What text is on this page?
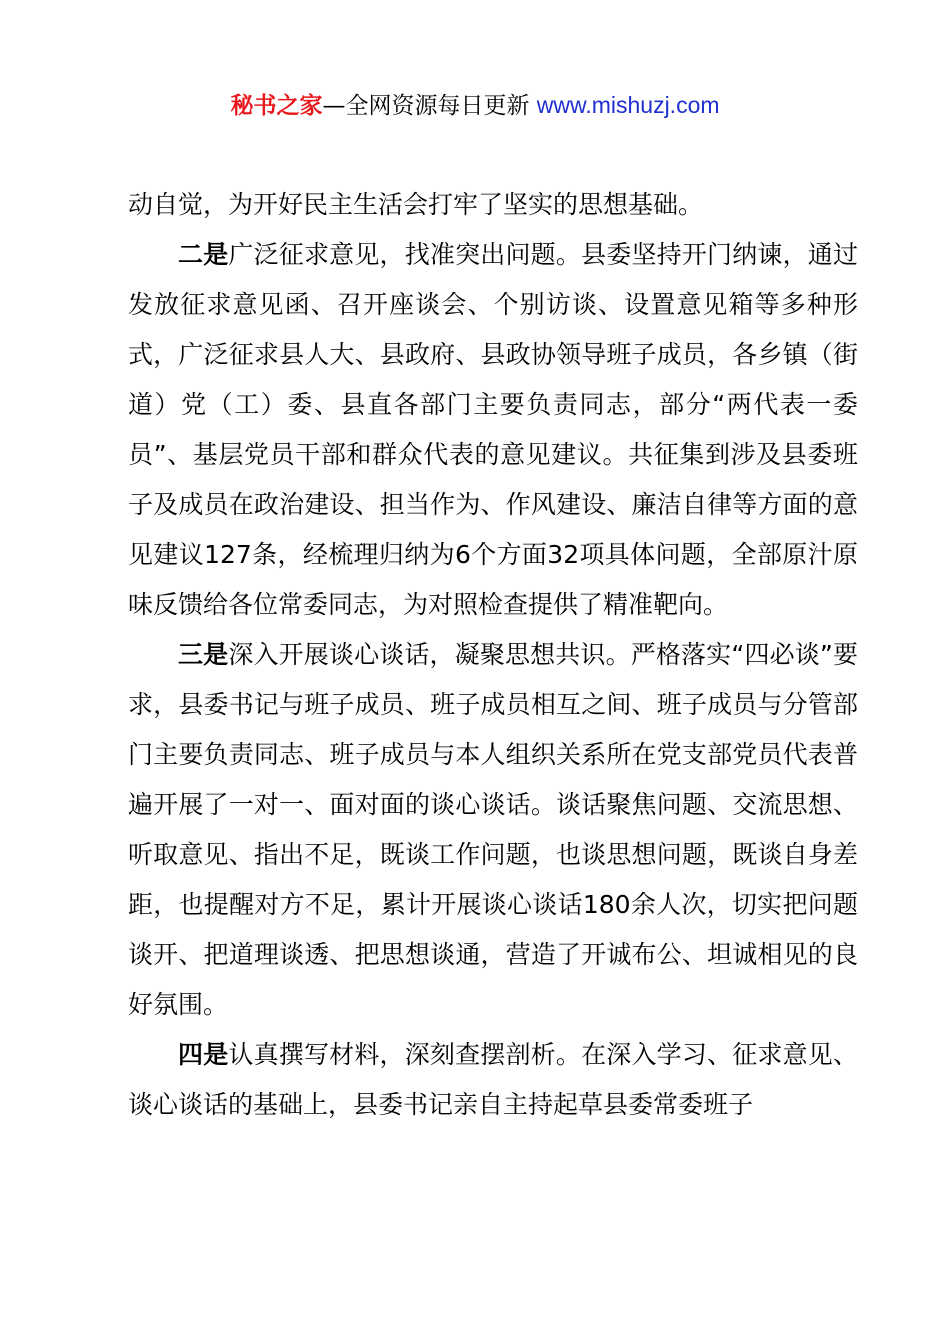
秘书之家—全网资源每日更新 www.mishuzj.com

动自觉，为开好民主生活会打牢了坚实的思想基础。

二是广泛征求意见，找准突出问题。县委坚持开门纳谏，通过发放征求意见函、召开座谈会、个别访谈、设置意见箱等多种形式，广泛征求县人大、县政府、县政协领导班子成员，各乡镇（街道）党（工）委、县直各部门主要负责同志，部分“两代表一委员”、基层党员干部和群众代表的意见建议。共征集到涉及县委班子及成员在政治建设、担当作为、作风建设、廉洁自律等方面的意见建议127条，经梳理归纳为6个方面32项具体问题，全部原汁原味反馈给各位常委同志，为对照检查提供了精准靶向。

三是深入开展谈心谈话，凝聚思想共识。严格落实“四必谈”要求，县委书记与班子成员、班子成员相互之间、班子成员与分管部门主要负责同志、班子成员与本人组织关系所在党支部党员代表普遍开展了一对一、面对面的谈心谈话。谈话聚焦问题、交流思想、听取意见、指出不足，既谈工作问题，也谈思想问题，既谈自身差距，也提醒对方不足，累计开展谈心谈话180余人次，切实把问题谈开、把道理谈透、把思想谈通，营造了开诚布公、坦诚相见的良好氛围。

四是认真撰写材料，深刻查摆剖析。在深入学习、征求意见、谈心谈话的基础上，县委书记亲自主持起草县委常委班子
